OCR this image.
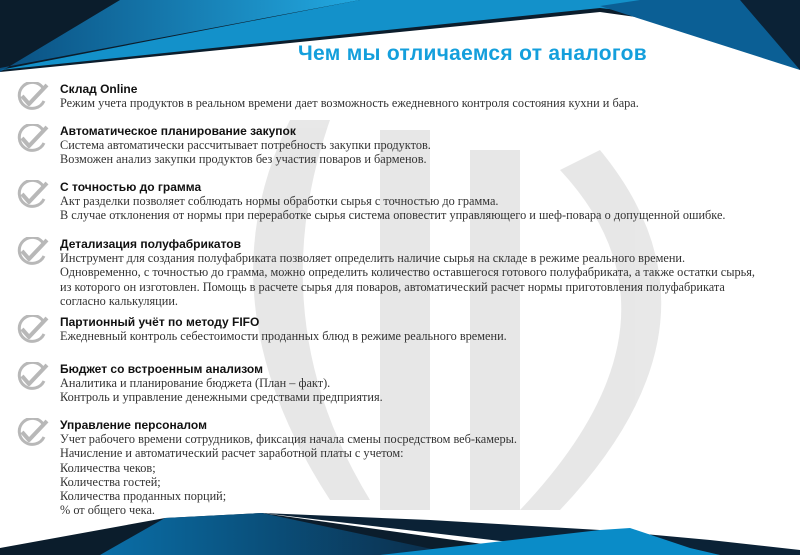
Чем мы отличаемся от аналогов
Склад Online
Режим учета продуктов в реальном времени дает возможность ежедневного контроля состояния кухни и бара.
Автоматическое планирование закупок
Система автоматически рассчитывает потребность закупки продуктов.
Возможен анализ закупки продуктов без участия поваров и барменов.
С точностью до грамма
Акт разделки позволяет соблюдать нормы обработки сырья с точностью до грамма.
В случае отклонения от нормы при переработке сырья система оповестит управляющего и шеф-повара о допущенной ошибке.
Детализация полуфабрикатов
Инструмент для создания полуфабриката позволяет определить наличие сырья на складе в режиме реального времени.
Одновременно, с точностью до грамма, можно определить количество оставшегося готового полуфабриката, а также остатки сырья,
из которого он изготовлен. Помощь в расчете сырья для поваров, автоматический расчет нормы приготовления полуфабриката
согласно калькуляции.
Партионный учёт по методу FIFO
Ежедневный контроль себестоимости проданных блюд в режиме реального времени.
Бюджет со встроенным анализом
Аналитика и планирование бюджета (План – факт).
Контроль и управление денежными средствами предприятия.
Управление персоналом
Учет рабочего времени сотрудников, фиксация начала смены посредством веб-камеры.
Начисление и автоматический расчет заработной платы с учетом:
Количества чеков;
Количества гостей;
Количества проданных порций;
% от общего чека.
